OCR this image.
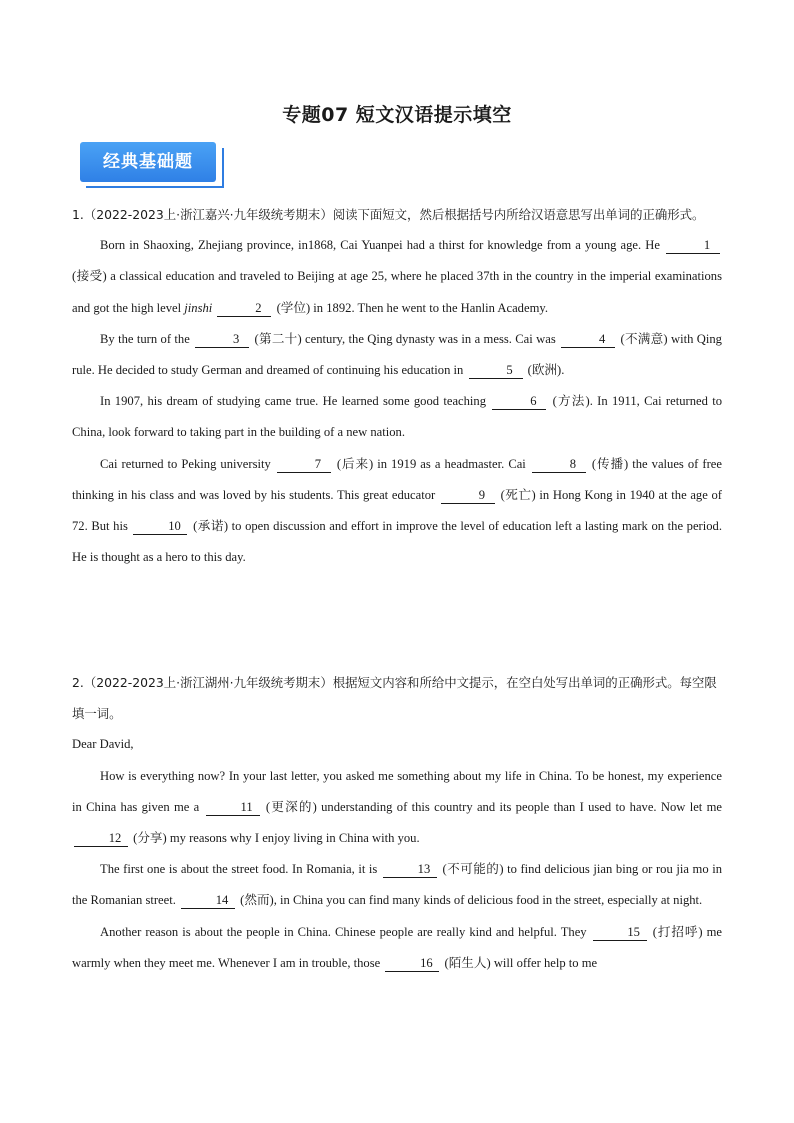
专题07 短文汉语提示填空
经典基础题
1.（2022-2023上·浙江嘉兴·九年级统考期末）阅读下面短文，然后根据括号内所给汉语意思写出单词的正确形式。
Born in Shaoxing, Zhejiang province, in1868, Cai Yuanpei had a thirst for knowledge from a young age. He	1 (接受) a classical education and traveled to Beijing at age 25, where he placed 37th in the country in the imperial examinations and got the high level jinshi	2 (学位) in 1892. Then he went to the Hanlin Academy.
By the turn of the	3 (第二十) century, the Qing dynasty was in a mess. Cai was	4 (不满意) with Qing rule. He decided to study German and dreamed of continuing his education in	5 (欧洲).
In 1907, his dream of studying came true. He learned some good teaching	6 (方法). In 1911, Cai returned to China, look forward to taking part in the building of a new nation.
Cai returned to Peking university	7 (后来) in 1919 as a headmaster. Cai	8 (传播) the values of free thinking in his class and was loved by his students. This great educator	9 (死亡) in Hong Kong in 1940 at the age of 72. But his	10 (承诺) to open discussion and effort in improve the level of education left a lasting mark on the period. He is thought as a hero to this day.
2.（2022-2023上·浙江湖州·九年级统考期末）根据短文内容和所给中文提示，在空白处写出单词的正确形式。每空限填一词。
Dear David,
How is everything now? In your last letter, you asked me something about my life in China. To be honest, my experience in China has given me a	11 (更深的) understanding of this country and its people than I used to have. Now let me 12 (分享) my reasons why I enjoy living in China with you.
The first one is about the street food. In Romania, it is	13 (不可能的) to find delicious jian bing or rou jia mo in the Romanian street.	14 (然而), in China you can find many kinds of delicious food in the street, especially at night.
Another reason is about the people in China. Chinese people are really kind and helpful. They	15 (打招呼) me warmly when they meet me. Whenever I am in trouble, those	16 (陌生人) will offer help to me
